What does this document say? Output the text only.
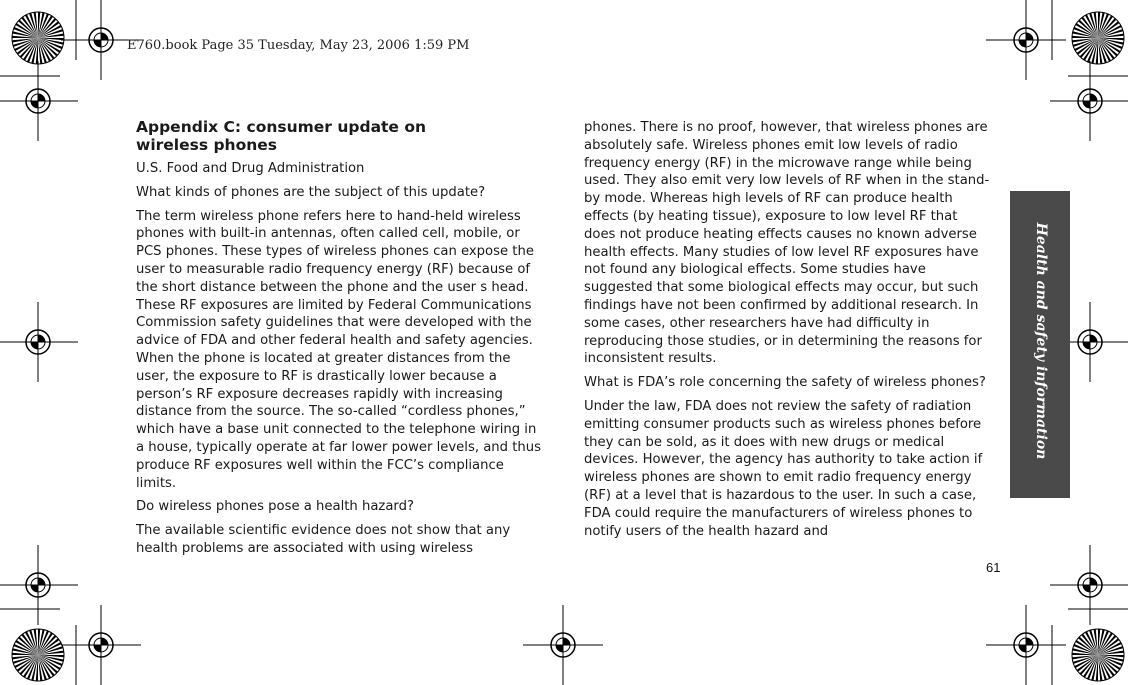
E760.book Page 35 Tuesday, May 23, 2006 1:59 PM
Appendix C: consumer update on wireless phones

U.S. Food and Drug Administration

What kinds of phones are the subject of this update?

The term wireless phone refers here to hand-held wireless phones with built-in antennas, often called cell, mobile, or PCS phones. These types of wireless phones can expose the user to measurable radio frequency energy (RF) because of the short distance between the phone and the user s head. These RF exposures are limited by Federal Communications Commission safety guidelines that were developed with the advice of FDA and other federal health and safety agencies. When the phone is located at greater distances from the user, the exposure to RF is drastically lower because a person’s RF exposure decreases rapidly with increasing distance from the source. The so-called “cordless phones,” which have a base unit connected to the telephone wiring in a house, typically operate at far lower power levels, and thus produce RF exposures well within the FCC’s compliance limits.

Do wireless phones pose a health hazard?

The available scientific evidence does not show that any health problems are associated with using wireless

phones. There is no proof, however, that wireless phones are absolutely safe. Wireless phones emit low levels of radio frequency energy (RF) in the microwave range while being used. They also emit very low levels of RF when in the stand-by mode. Whereas high levels of RF can produce health effects (by heating tissue), exposure to low level RF that does not produce heating effects causes no known adverse health effects. Many studies of low level RF exposures have not found any biological effects. Some studies have suggested that some biological effects may occur, but such findings have not been confirmed by additional research. In some cases, other researchers have had difficulty in reproducing those studies, or in determining the reasons for inconsistent results.

What is FDA’s role concerning the safety of wireless phones?

Under the law, FDA does not review the safety of radiation emitting consumer products such as wireless phones before they can be sold, as it does with new drugs or medical devices. However, the agency has authority to take action if wireless phones are shown to emit radio frequency energy (RF) at a level that is hazardous to the user. In such a case, FDA could require the manufacturers of wireless phones to notify users of the health hazard and

Health and safety information
61
